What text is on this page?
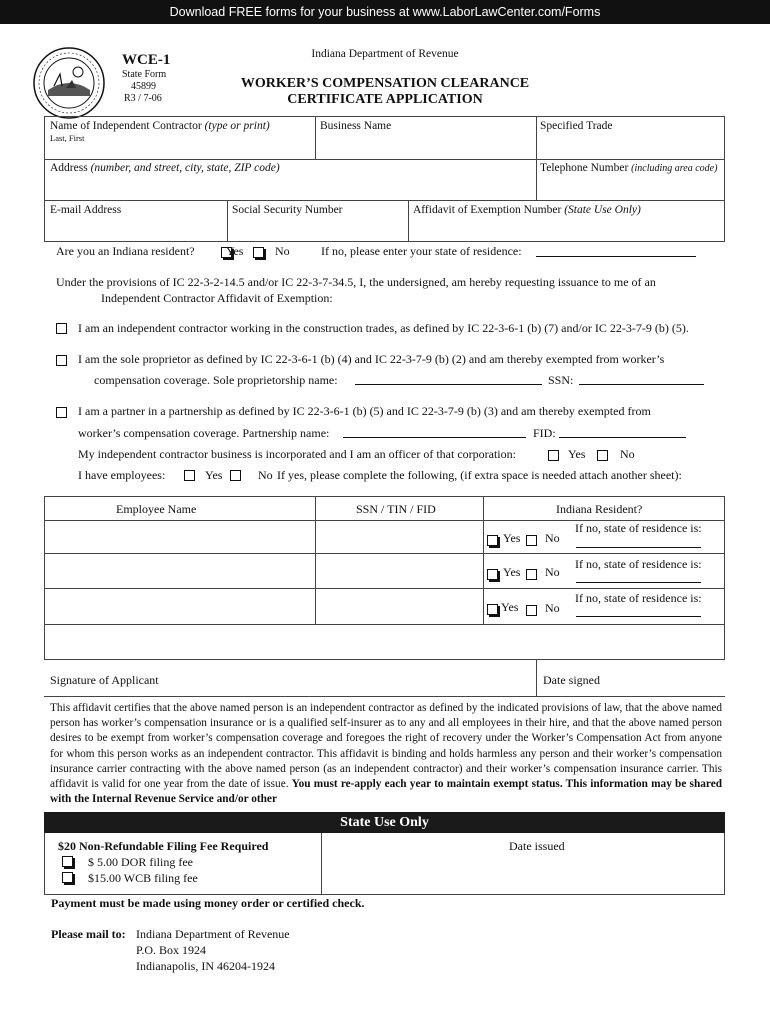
Download FREE forms for your business at www.LaborLawCenter.com/Forms
WCE-1
State Form
45899
R3 / 7-06
Indiana Department of Revenue
WORKER’S COMPENSATION CLEARANCE
CERTIFICATE APPLICATION
Name of Independent Contractor (type or print)
Last, First
Business Name	Specified Trade
Address (number, and street, city, state, ZIP code)	Telephone Number (including area code)
E-mail Address	Social Security Number	Affidavit of Exemption Number (State Use Only)
Are you an Indiana resident?	Yes	No	If no, please enter your state of residence:
Under the provisions of IC 22-3-2-14.5 and/or IC 22-3-7-34.5, I, the undersigned, am hereby requesting issuance to me of an
Independent Contractor Affidavit of Exemption:
I am an independent contractor working in the construction trades, as defined by IC 22-3-6-1 (b) (7) and/or IC 22-3-7-9 (b) (5).
I am the sole proprietor as defined by IC 22-3-6-1 (b) (4) and IC 22-3-7-9 (b) (2) and am thereby exempted from worker’s
compensation coverage. Sole proprietorship name:	SSN:
I am a partner in a partnership as defined by IC 22-3-6-1 (b) (5) and IC 22-3-7-9 (b) (3) and am thereby exempted from
worker’s compensation coverage. Partnership name:	FID:
My independent contractor business is incorporated and I am an officer of that corporation:	Yes	No
I have employees:	Yes	No If yes, please complete the following, (if extra space is needed attach another sheet):
Employee Name	SSN / TIN / FID	Indiana Resident?
Yes No
If no, state of residence is:
Yes No
If no, state of residence is:
Yes No
If no, state of residence is:
Signature of Applicant	Date signed
This affidavit certifies that the above named person is an independent contractor as defined by the indicated provisions of law, that the above named person has worker’s compensation insurance or is a qualified self-insurer as to any and all employees in their hire, and that the above named person desires to be exempt from worker’s compensation coverage and foregoes the right of recovery under the Worker’s Compensation Act from anyone for whom this person works as an independent contractor. This affidavit is binding and holds harmless any person and their worker’s compensation insurance carrier contracting with the above named person (as an independent contractor) and their worker’s compensation insurance carrier. This affidavit is valid for one year from the date of issue. You must re-apply each year to maintain exempt status. This information may be shared with the Internal Revenue Service and/or other
State Use Only
$20 Non-Refundable Filing Fee Required
$ 5.00 DOR filing fee
$15.00 WCB filing fee
Date issued
Payment must be made using money order or certified check.
Please mail to: Indiana Department of Revenue
P.O. Box 1924
Indianapolis, IN 46204-1924
